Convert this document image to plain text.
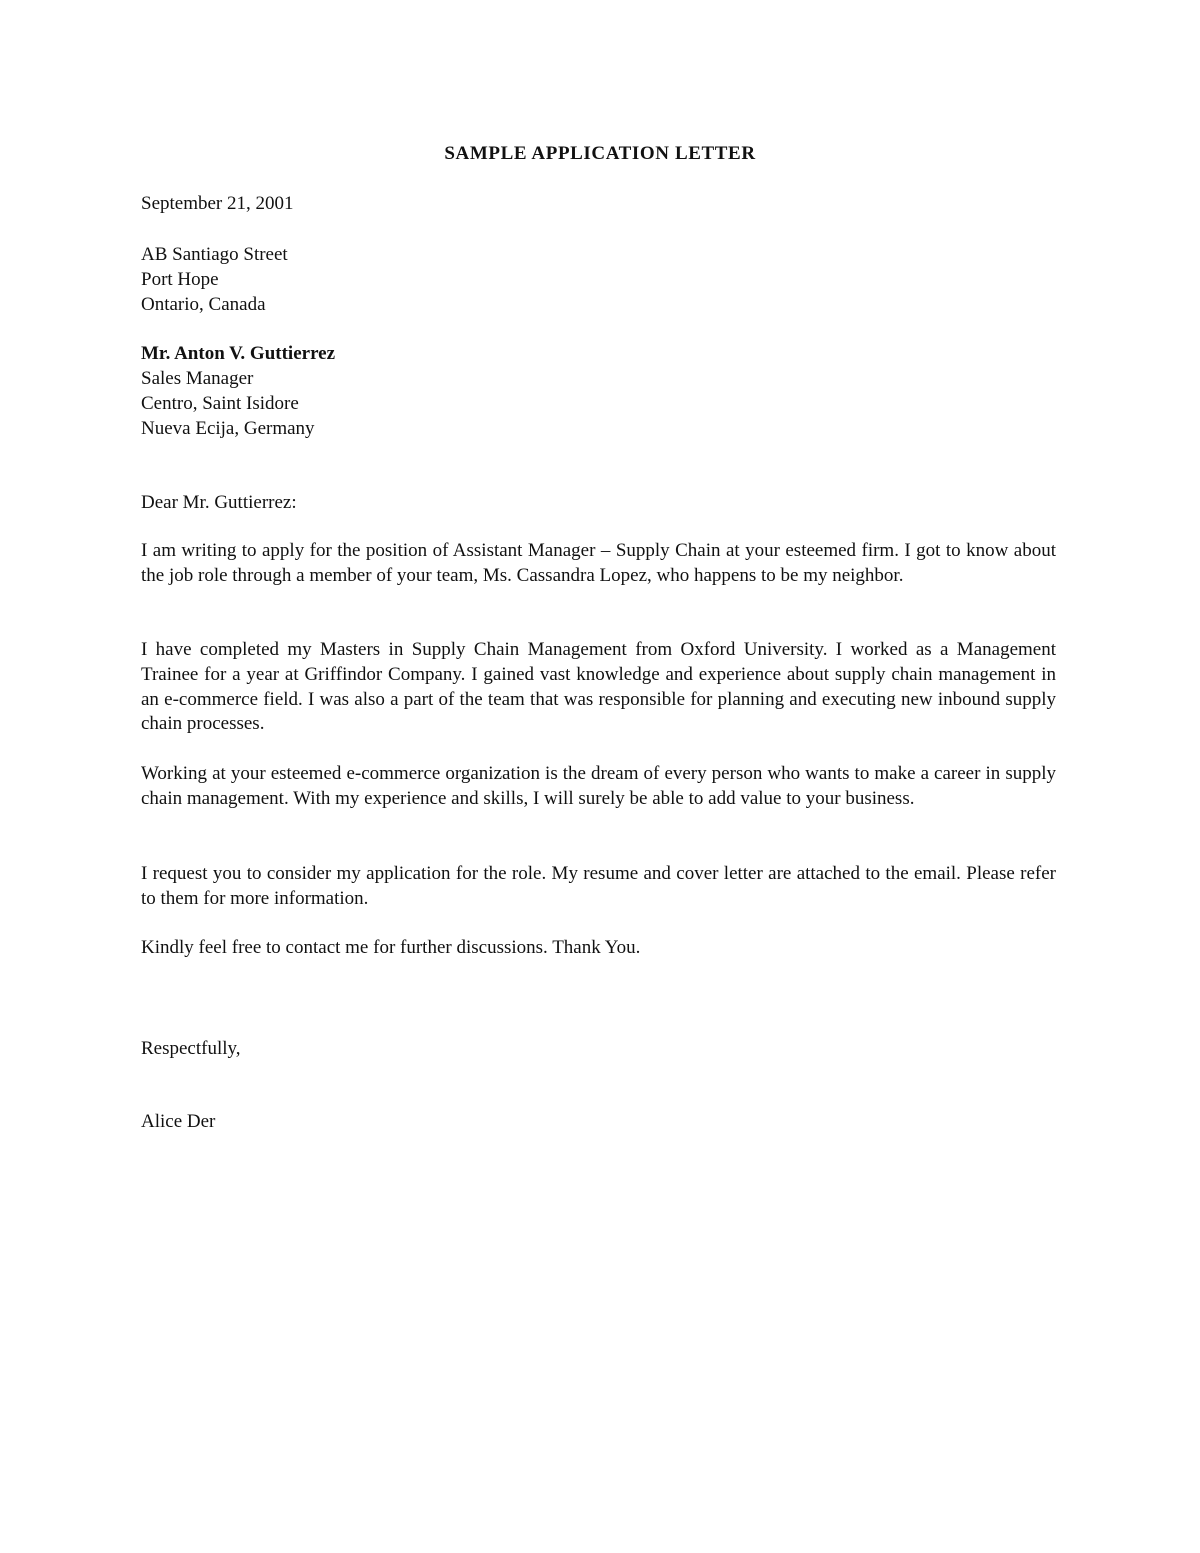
SAMPLE APPLICATION LETTER
September 21, 2001
AB Santiago Street
Port Hope
Ontario, Canada
Mr. Anton V. Guttierrez
Sales Manager
Centro, Saint Isidore
Nueva Ecija, Germany
Dear Mr. Guttierrez:

I am writing to apply for the position of Assistant Manager – Supply Chain at your esteemed firm. I got to know about the job role through a member of your team, Ms. Cassandra Lopez, who happens to be my neighbor.

I have completed my Masters in Supply Chain Management from Oxford University. I worked as a Management Trainee for a year at Griffindor Company. I gained vast knowledge and experience about supply chain management in an e-commerce field. I was also a part of the team that was responsible for planning and executing new inbound supply chain processes.

Working at your esteemed e-commerce organization is the dream of every person who wants to make a career in supply chain management. With my experience and skills, I will surely be able to add value to your business.

I request you to consider my application for the role. My resume and cover letter are attached to the email. Please refer to them for more information.

Kindly feel free to contact me for further discussions. Thank You.

Respectfully,
Alice Der
